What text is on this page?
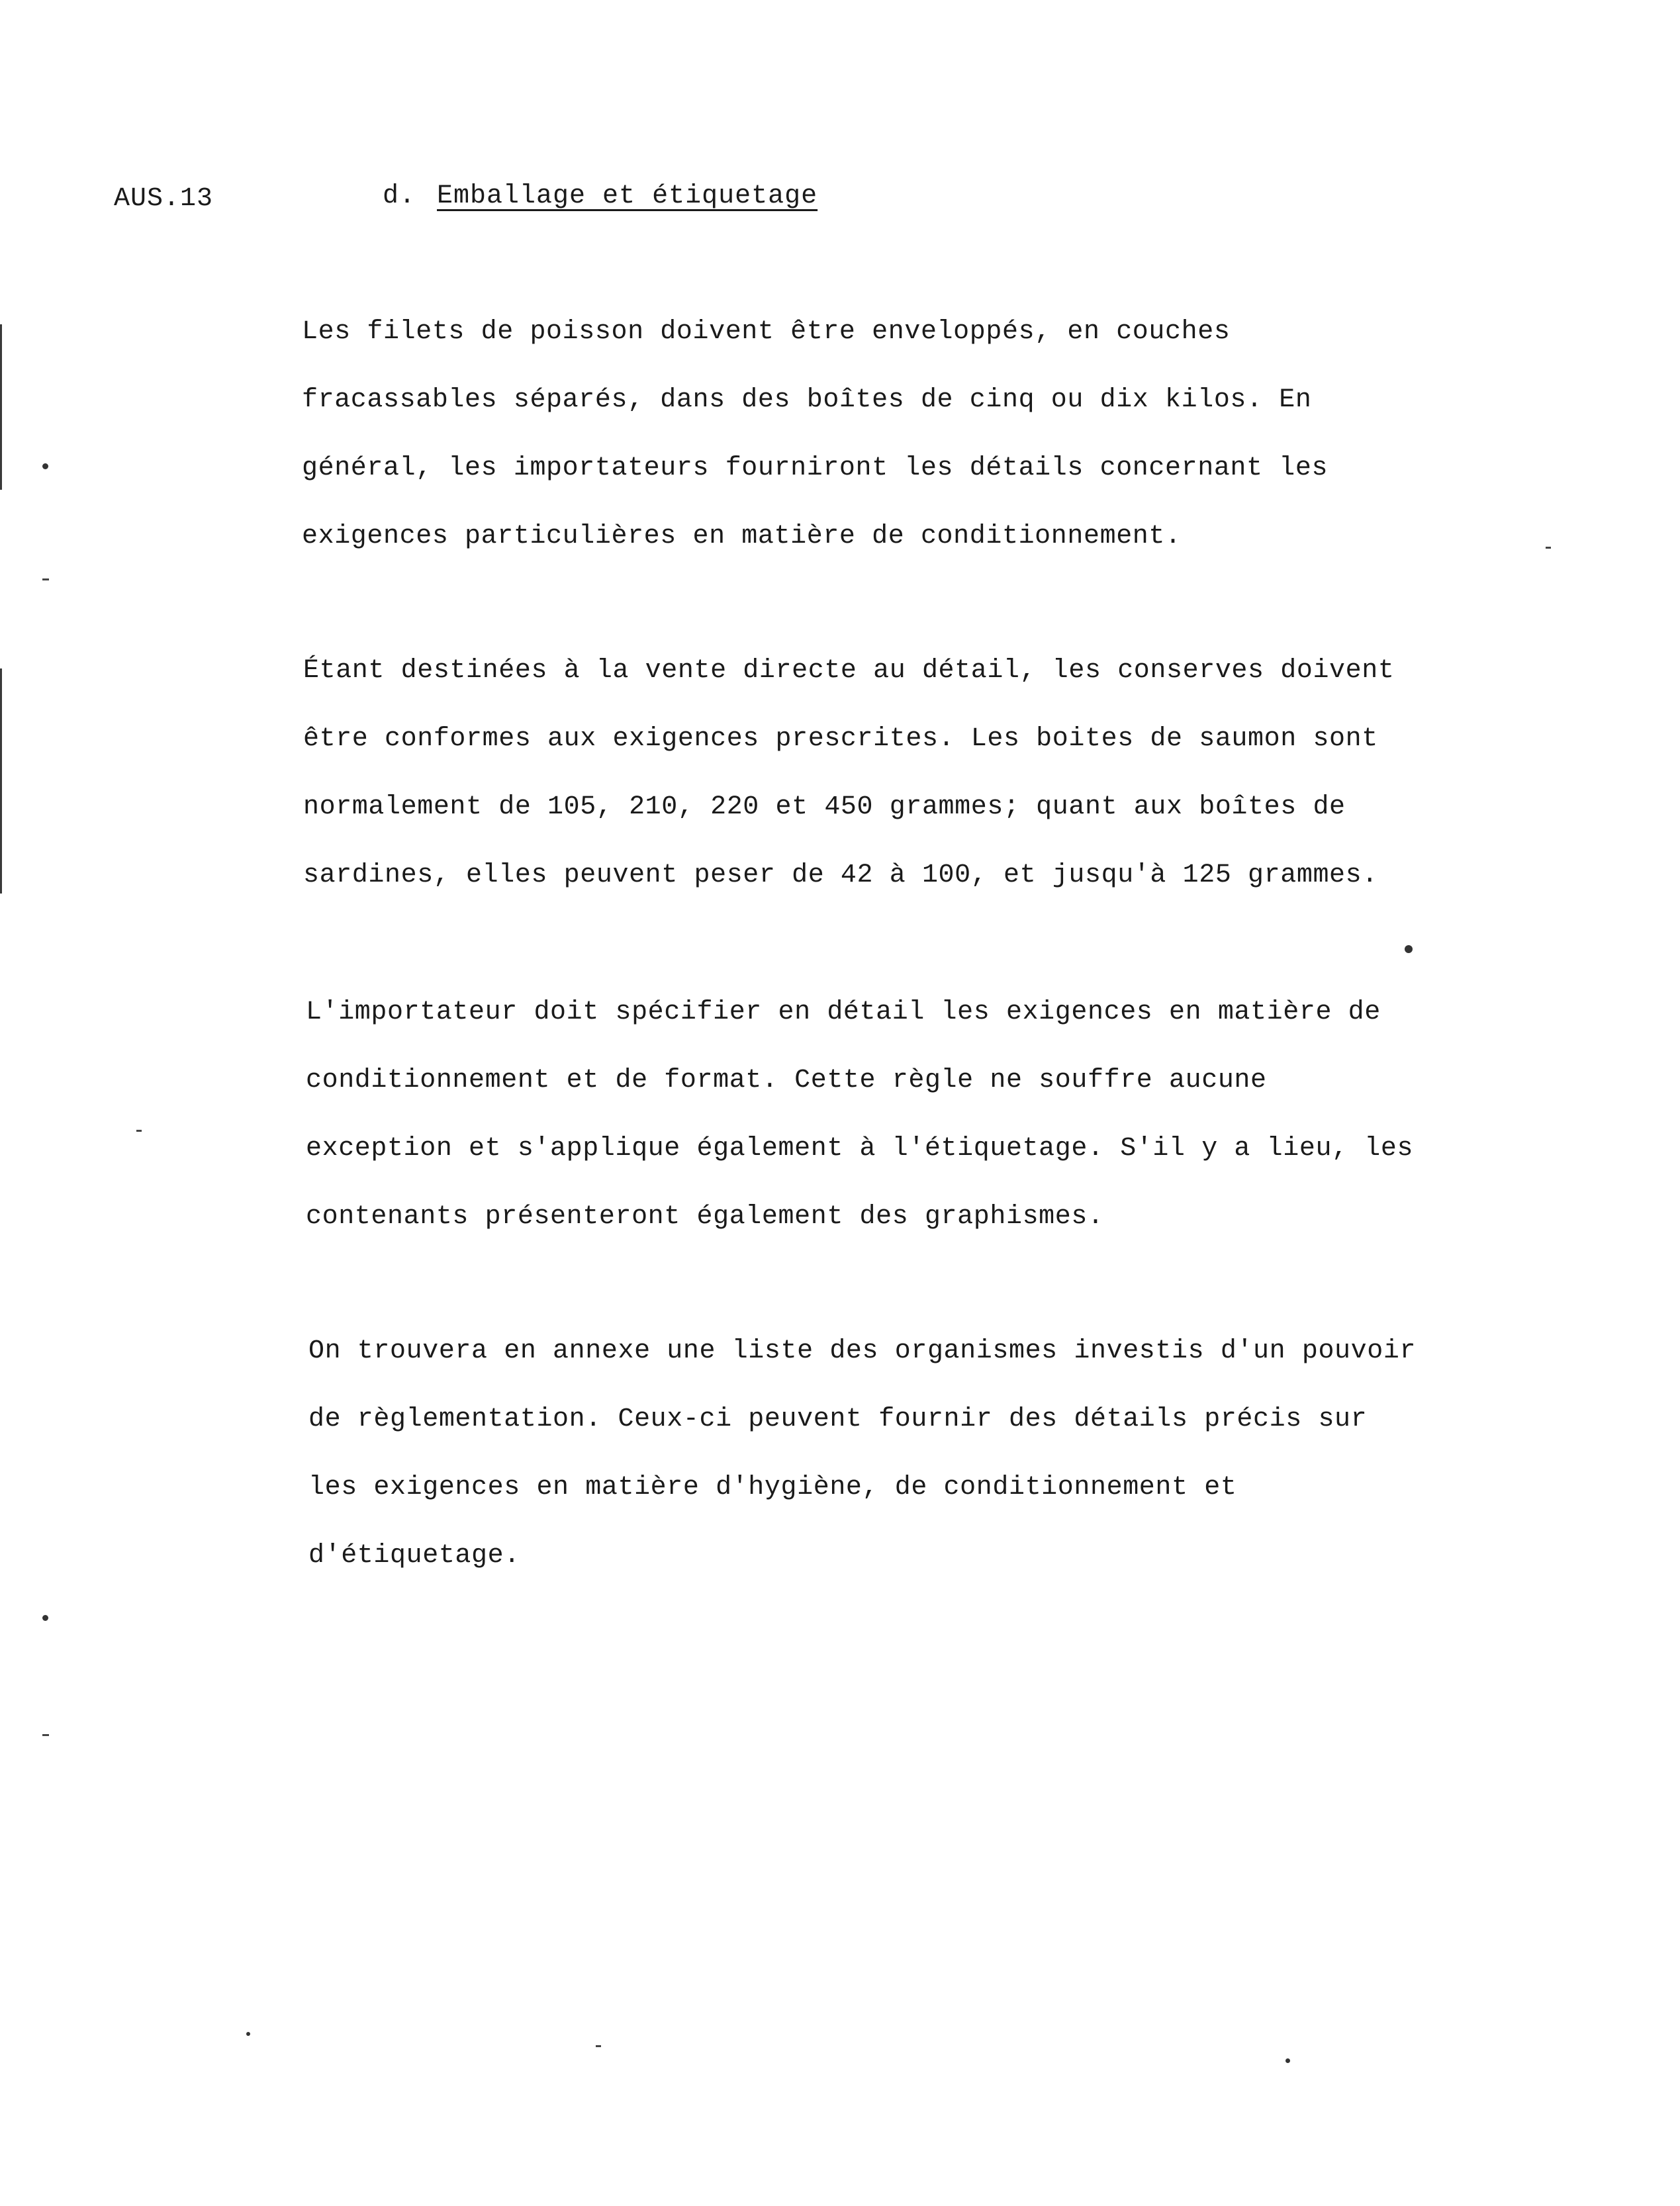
AUS.13	d. Emballage et étiquetage
Les filets de poisson doivent être enveloppés, en couches
fracassables séparés, dans des boîtes de cinq ou dix kilos. En
général, les importateurs fourniront les détails concernant les
exigences particulières en matière de conditionnement.
Étant destinées à la vente directe au détail, les conserves doivent
être conformes aux exigences prescrites. Les boites de saumon sont
normalement de 105, 210, 220 et 450 grammes; quant aux boîtes de
sardines, elles peuvent peser de 42 à 100, et jusqu'à 125 grammes.
L'importateur doit spécifier en détail les exigences en matière de
conditionnement et de format. Cette règle ne souffre aucune
exception et s'applique également à l'étiquetage. S'il y a lieu, les
contenants présenteront également des graphismes.
On trouvera en annexe une liste des organismes investis d'un pouvoir
de règlementation. Ceux-ci peuvent fournir des détails précis sur
les exigences en matière d'hygiène, de conditionnement et
d'étiquetage.
